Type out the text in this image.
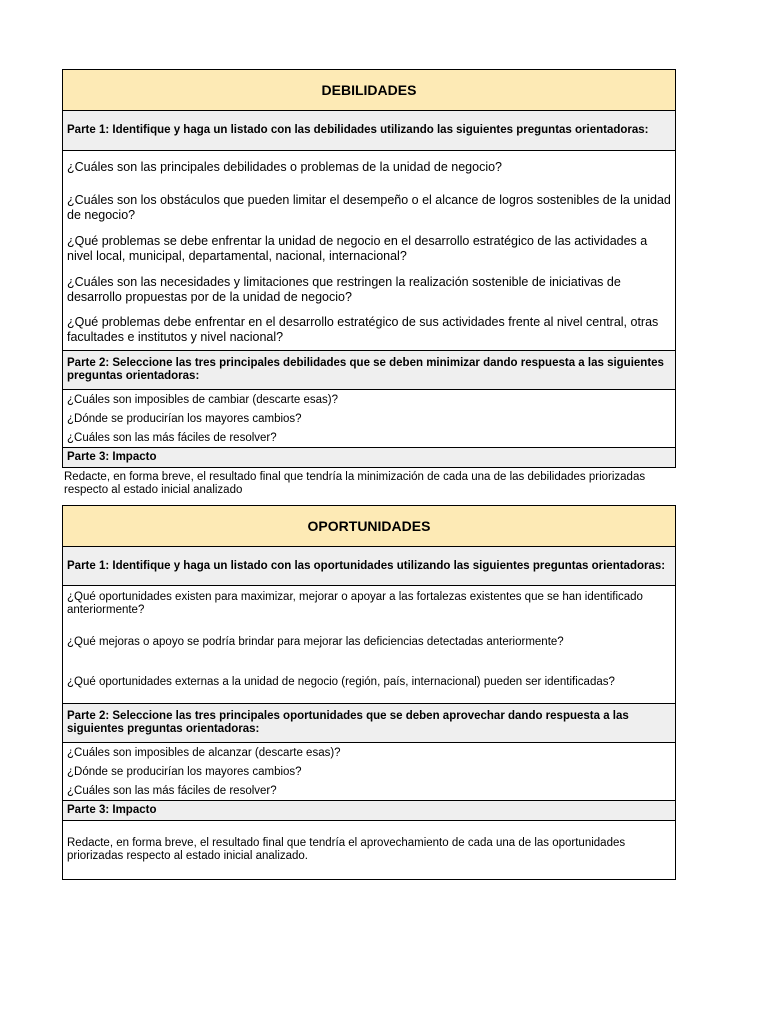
DEBILIDADES
Parte 1: Identifique y haga un listado con las debilidades utilizando las siguientes preguntas orientadoras:

¿Cuáles son las principales debilidades o problemas de la unidad de negocio?

¿Cuáles son los obstáculos que pueden limitar el desempeño o el alcance de logros sostenibles de la unidad de negocio?

¿Qué problemas se debe enfrentar la unidad de negocio en el desarrollo estratégico de las actividades a nivel local, municipal, departamental, nacional, internacional?

¿Cuáles son las necesidades y limitaciones que restringen la realización sostenible de iniciativas de desarrollo propuestas por de la unidad de negocio?

¿Qué problemas debe enfrentar en el desarrollo estratégico de sus actividades frente al nivel central, otras facultades e institutos y nivel nacional?

Parte 2: Seleccione las tres principales debilidades que se deben minimizar dando respuesta a las siguientes preguntas orientadoras:
¿Cuáles son imposibles de cambiar (descarte esas)?
¿Dónde se producirían los mayores cambios?
¿Cuáles son las más fáciles de resolver?
Parte 3: Impacto
Redacte, en forma breve, el resultado final que tendría la minimización de cada una de las debilidades priorizadas respecto al estado inicial analizado
OPORTUNIDADES
Parte 1: Identifique y haga un listado con las oportunidades utilizando las siguientes preguntas orientadoras:

¿Qué oportunidades existen para maximizar, mejorar o apoyar a las fortalezas existentes que se han identificado anteriormente?

¿Qué mejoras o apoyo se podría brindar para mejorar las deficiencias detectadas anteriormente?

¿Qué oportunidades externas a la unidad de negocio (región, país, internacional) pueden ser identificadas?

Parte 2: Seleccione las tres principales oportunidades que se deben aprovechar dando respuesta a las siguientes preguntas orientadoras:
¿Cuáles son imposibles de alcanzar (descarte esas)?
¿Dónde se producirían los mayores cambios?
¿Cuáles son las más fáciles de resolver?
Parte 3: Impacto
Redacte, en forma breve, el resultado final que tendría el aprovechamiento de cada una de las oportunidades priorizadas respecto al estado inicial analizado.
